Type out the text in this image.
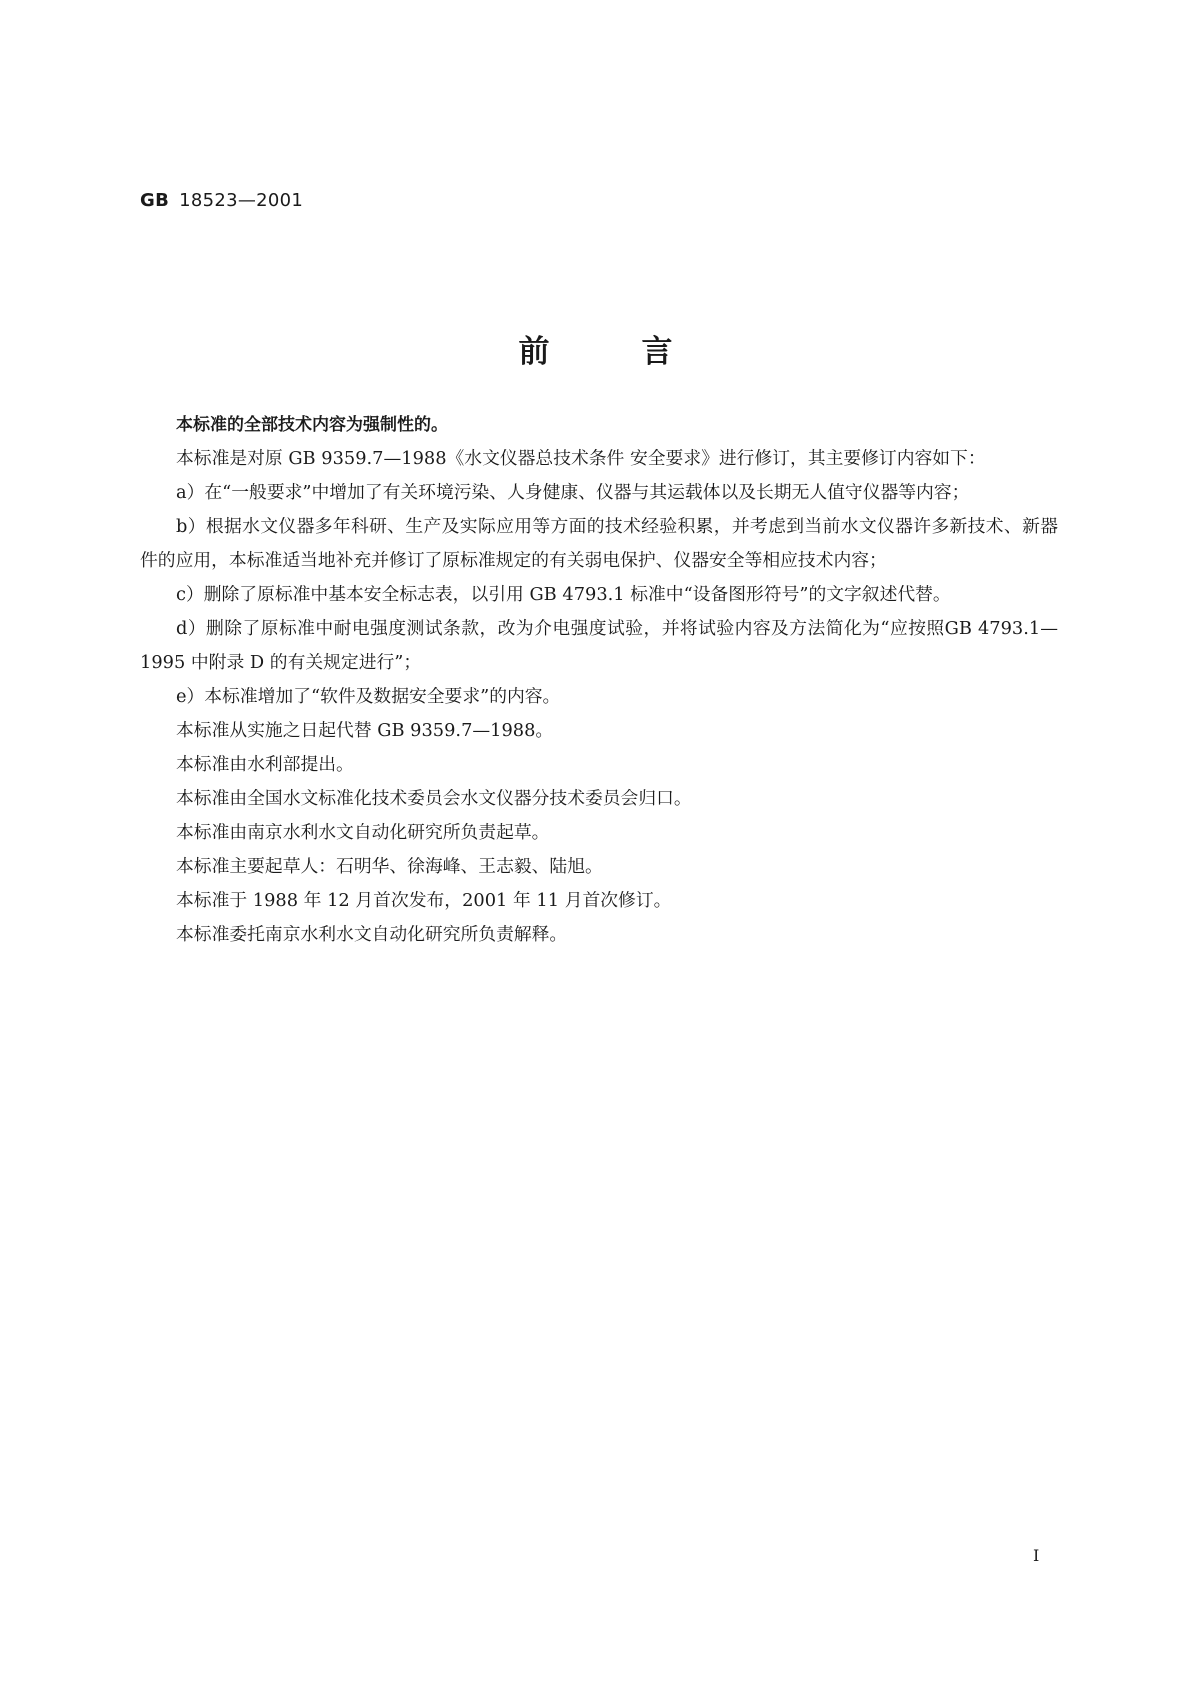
GB 18523—2001
前言

本标准的全部技术内容为强制性的。

本标准是对原 GB 9359.7—1988《水文仪器总技术条件 安全要求》进行修订，其主要修订内容如下：

a）在“一般要求”中增加了有关环境污染、人身健康、仪器与其运载体以及长期无人值守仪器等内容；

b）根据水文仪器多年科研、生产及实际应用等方面的技术经验积累，并考虑到当前水文仪器许多新技术、新器件的应用，本标准适当地补充并修订了原标准规定的有关弱电保护、仪器安全等相应技术内容；

c）删除了原标准中基本安全标志表，以引用 GB 4793.1 标准中“设备图形符号”的文字叙述代替。

d）删除了原标准中耐电强度测试条款，改为介电强度试验，并将试验内容及方法简化为“应按照GB 4793.1—1995 中附录 D 的有关规定进行”；

e）本标准增加了“软件及数据安全要求”的内容。

本标准从实施之日起代替 GB 9359.7—1988。

本标准由水利部提出。

本标准由全国水文标准化技术委员会水文仪器分技术委员会归口。

本标准由南京水利水文自动化研究所负责起草。

本标准主要起草人：石明华、徐海峰、王志毅、陆旭。

本标准于 1988 年 12 月首次发布，2001 年 11 月首次修订。

本标准委托南京水利水文自动化研究所负责解释。

I
